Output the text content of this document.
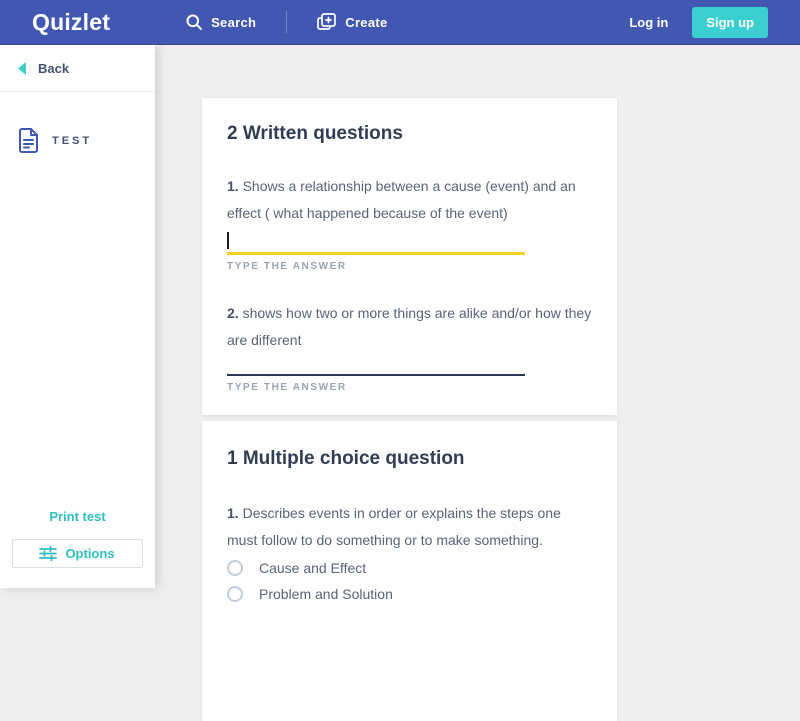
Quizlet	Search	Create	Log in	Sign up
Back
TEST
Print test
Options
2 Written questions

1. Shows a relationship between a cause (event) and an effect ( what happened because of the event)

TYPE THE ANSWER

2. shows how two or more things are alike and/or how they are different

TYPE THE ANSWER
1 Multiple choice question

1. Describes events in order or explains the steps one must follow to do something or to make something.

Cause and Effect
Problem and Solution
